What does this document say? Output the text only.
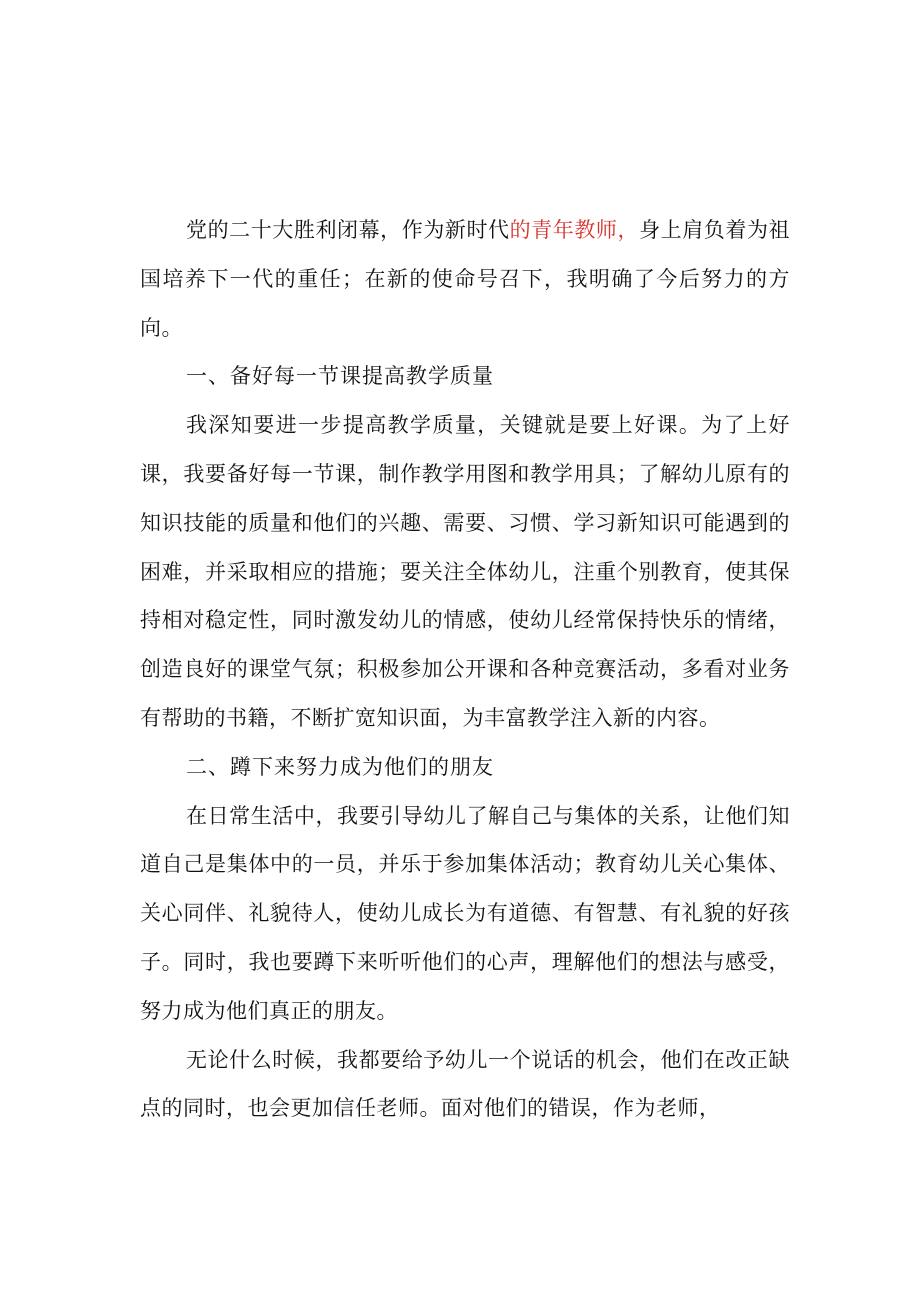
党的二十大胜利闭幕，作为新时代的青年教师，身上肩负着为祖国培养下一代的重任；在新的使命号召下，我明确了今后努力的方向。

一、备好每一节课提高教学质量

我深知要进一步提高教学质量，关键就是要上好课。为了上好课，我要备好每一节课，制作教学用图和教学用具；了解幼儿原有的知识技能的质量和他们的兴趣、需要、习惯、学习新知识可能遇到的困难，并采取相应的措施；要关注全体幼儿，注重个别教育，使其保持相对稳定性，同时激发幼儿的情感，使幼儿经常保持快乐的情绪，创造良好的课堂气氛；积极参加公开课和各种竞赛活动，多看对业务有帮助的书籍，不断扩宽知识面，为丰富教学注入新的内容。

二、蹲下来努力成为他们的朋友

在日常生活中，我要引导幼儿了解自己与集体的关系，让他们知道自己是集体中的一员，并乐于参加集体活动；教育幼儿关心集体、关心同伴、礼貌待人，使幼儿成长为有道德、有智慧、有礼貌的好孩子。同时，我也要蹲下来听听他们的心声，理解他们的想法与感受，努力成为他们真正的朋友。

无论什么时候，我都要给予幼儿一个说话的机会，他们在改正缺点的同时，也会更加信任老师。面对他们的错误，作为老师，
